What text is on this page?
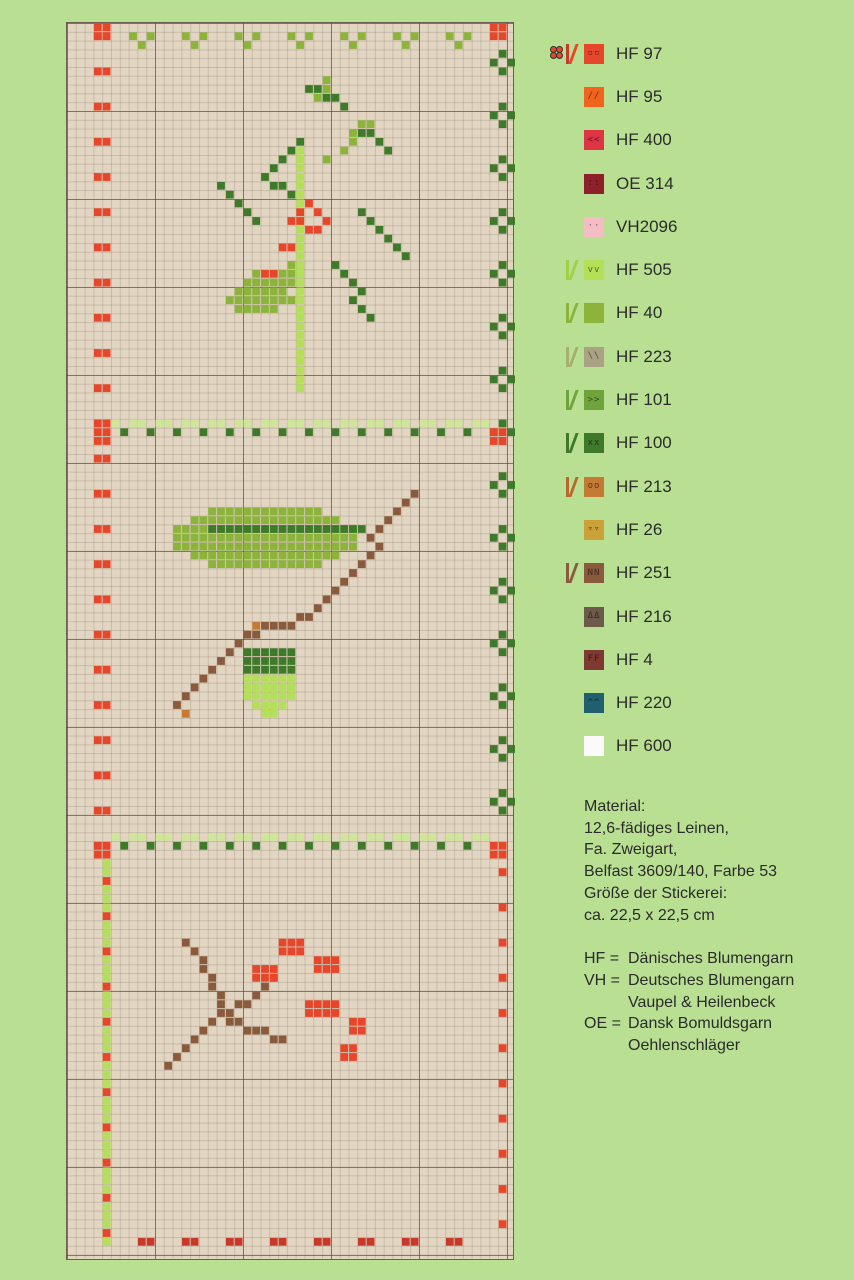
▫▫ HF 97
// HF 95
<< HF 400
:: OE 314
·· VH2096
vv HF 505
HF 40
\\ HF 223
>> HF 101
xx HF 100
oo HF 213
▿▿ HF 26
NN HF 251
ΔΔ HF 216
FF HF 4
^^ HF 220
HF 600

Material:

12,6-fädiges Leinen,

Fa. Zweigart,

Belfast 3609/140, Farbe 53

Größe der Stickerei:

ca. 22,5 x 22,5 cm

HF = Dänisches Blumengarn
VH = Deutsches Blumengarn
Vaupel & Heilenbeck
OE = Dansk Bomuldsgarn
Oehlenschläger
